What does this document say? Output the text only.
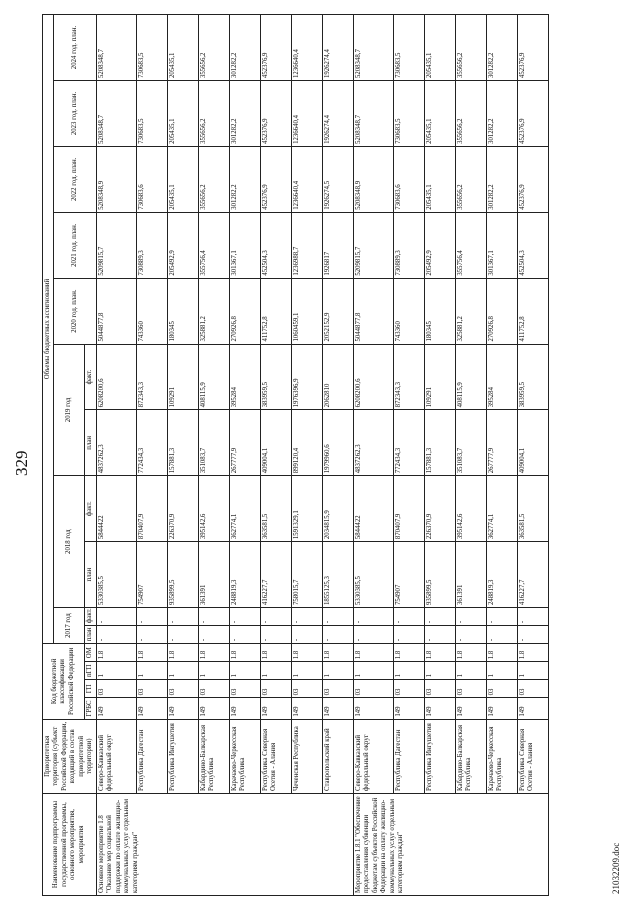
329
Наименование подпрограммы государственной программы, основного мероприятия, мероприятия	Приоритетная территория (субъект Российской Федерации, входящий в состав приоритетной территории)	Код бюджетной классификации Российской Федерации				Объемы бюджетных ассигнований										
						2017 год		2018 год		2019 год		2020 год. план.	2021 год. план.	2022 год. план.	2023 год. план.	2024 год. план.
		ГРБС	ГП	пГП	ОМ	план	факт.	план	факт.	план	факт.					
Основное мероприятие 1.8 "Оказание мер социальной поддержки по оплате жилищно-коммунальных услуг отдельным категориям граждан"	Северо-Кавказский федеральный округ	149	03	1	1.8	-	-	5330385,5	5844422	4837262,3	6208200,6	5044877,8	5209815,7	5208348,9	5208348,7	5208348,7
	Республика Дагестан	149	03	1	1.8	-	-	754907	870407,9	772434,3	872343,3	743360	730889,3	730683,6	730683,5	730683,5
	Республика Ингушетия	149	03	1	1.8	-	-	935899,5	226370,9	157881,3	109291	180345	205492,9	205435,1	205435,1	205435,1
	Кабардино-Балкарская Республика	149	03	1	1.8	-	-	361391	395142,6	351083,7	408115,9	325881,2	355756,4	355656,2	355656,2	355656,2
	Карачаево-Черкесская Республика	149	03	1	1.8	-	-	248819,3	362774,1	267777,9	395284	270926,8	301367,1	301282,2	301282,2	301282,2
	Республика Северная Осетия - Алания	149	03	1	1.8	-	-	416227,7	363581,5	409004,1	383959,5	411752,8	452504,3	452376,9	452376,9	452376,9
	Чеченская Республика	149	03	1	1.8	-	-	758015,7	1591329,1	899120,4	1976396,9	1060459,1	1236988,7	1236640,4	1236640,4	1236640,4
	Ставропольский край	149	03	1	1.8	-	-	1855125,3	2034815,9	1979960,6	2062810	2052152,9	1926817	1926274,5	1926274,4	1926274,4
Мероприятие 1.8.1 "Обеспечение предоставления субвенции бюджетам субъектов Российской Федерации на оплату жилищно-коммунальных услуг отдельным категориям граждан"	Северо-Кавказский федеральный округ	149	03	1	1.8	-	-	5330385,5	5844422	4837262,3	6208200,6	5044877,8	5209815,7	5208348,9	5208348,7	5208348,7
	Республика Дагестан	149	03	1	1.8	-	-	754907	870407,9	772434,3	872343,3	743360	730889,3	730683,6	730683,5	730683,5
	Республика Ингушетия	149	03	1	1.8	-	-	935899,5	226370,9	157881,3	109291	180345	205492,9	205435,1	205435,1	205435,1
	Кабардино-Балкарская Республика	149	03	1	1.8	-	-	361391	395142,6	351083,7	408115,9	325881,2	355756,4	355656,2	355656,2	355656,2
	Карачаево-Черкесская Республика	149	03	1	1.8	-	-	248819,3	362774,1	267777,9	395284	270926,8	301367,1	301282,2	301282,2	301282,2
	Республика Северная Осетия - Алания	149	03	1	1.8	-	-	416227,7	363581,5	409004,1	383959,5	411752,8	452504,3	452376,9	452376,9	452376,9
21032209.doc
